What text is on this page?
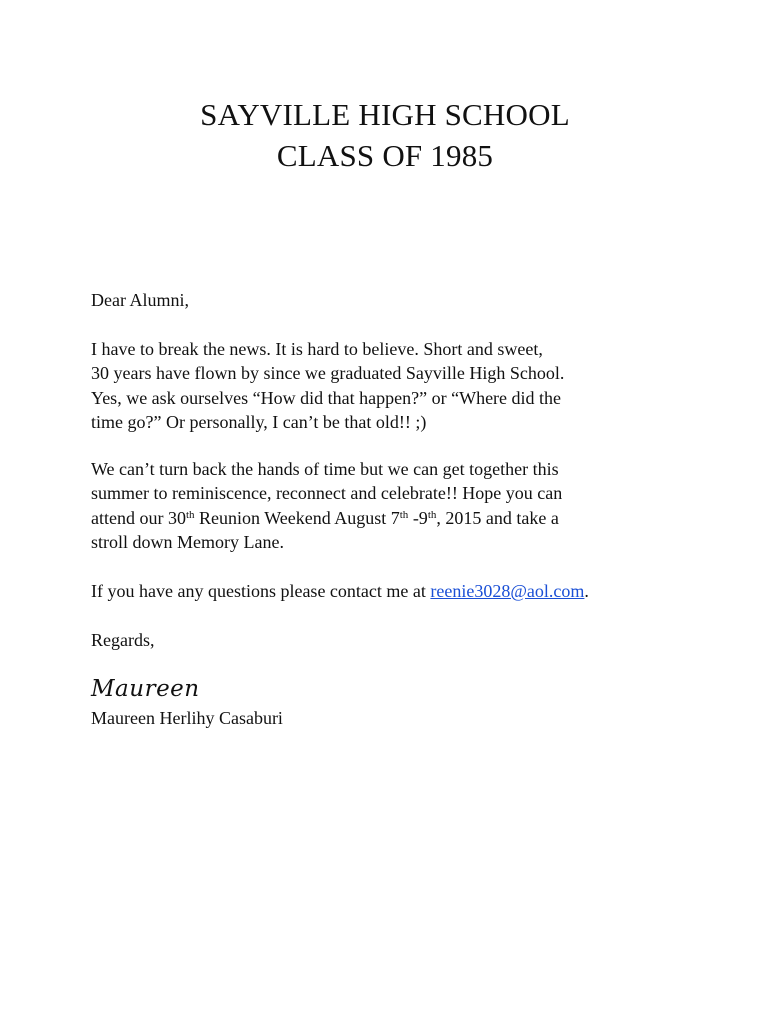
SAYVILLE HIGH SCHOOL
CLASS OF 1985
Dear Alumni,
I have to break the news. It is hard to believe. Short and sweet,
30 years have flown by since we graduated Sayville High School.
Yes, we ask ourselves “How did that happen?” or “Where did the
time go?” Or personally, I can’t be that old!! ;)
We can’t turn back the hands of time but we can get together this
summer to reminiscence, reconnect and celebrate!! Hope you can
attend our 30th Reunion Weekend August 7th -9th, 2015 and take a
stroll down Memory Lane.
If you have any questions please contact me at reenie3028@aol.com.
Regards,
Maureen
Maureen Herlihy Casaburi
